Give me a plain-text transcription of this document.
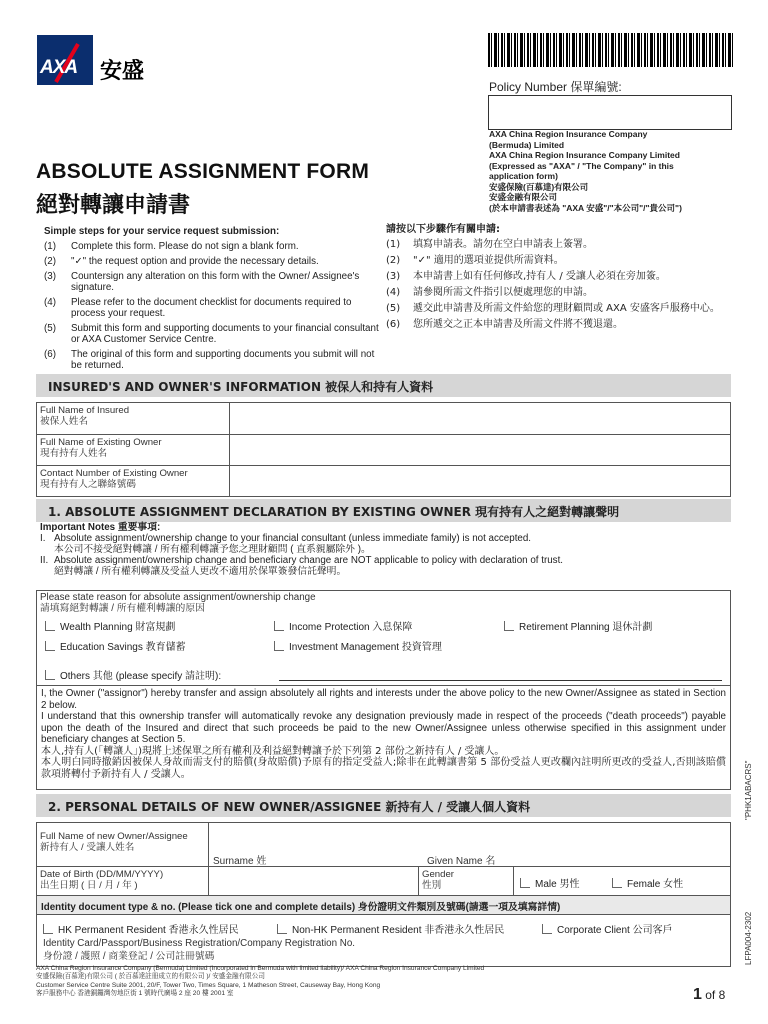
AXA 安盛
Policy Number 保單編號:
AXA China Region Insurance Company
(Bermuda) Limited
AXA China Region Insurance Company Limited
(Expressed as "AXA" / "The Company" in this
application form)
安盛保險(百慕達)有限公司
安盛金融有限公司
(於本申請書表述為 "AXA 安盛"/"本公司"/"貴公司")
ABSOLUTE ASSIGNMENT FORM
絕對轉讓申請書
Simple steps for your service request submission:
(1)	Complete this form. Please do not sign a blank form.
(2)	"✓" the request option and provide the necessary details.
(3)	Countersign any alteration on this form with the Owner/ Assignee's signature.
(4)	Please refer to the document checklist for documents required to process your request.
(5)	Submit this form and supporting documents to your financial consultant or AXA Customer Service Centre.
(6)	The original of this form and supporting documents you submit will not be returned.
請按以下步驟作有關申請:
(1)	填寫申請表。請勿在空白申請表上簽署。
(2)	"✓" 適用的選項並提供所需資料。
(3)	本申請書上如有任何修改,持有人 / 受讓人必須在旁加簽。
(4)	請參閱所需文件指引以便處理您的申請。
(5)	遞交此申請書及所需文件給您的理財顧問或 AXA 安盛客戶服務中心。
(6)	您所遞交之正本申請書及所需文件將不獲退還。
INSURED'S AND OWNER'S INFORMATION 被保人和持有人資料
Full Name of Insured
被保人姓名
Full Name of Existing Owner
現有持有人姓名
Contact Number of Existing Owner
現有持有人之聯絡號碼
1. ABSOLUTE ASSIGNMENT DECLARATION BY EXISTING OWNER 現有持有人之絕對轉讓聲明
Important Notes 重要事項:
I. Absolute assignment/ownership change to your financial consultant (unless immediate family) is not accepted.
本公司不接受絕對轉讓 / 所有權利轉讓予您之理財顧問 ( 直系親屬除外 )。
II. Absolute assignment/ownership change and beneficiary change are NOT applicable to policy with declaration of trust.
絕對轉讓 / 所有權利轉讓及受益人更改不適用於保單簽發信託聲明。
Please state reason for absolute assignment/ownership change
請填寫絕對轉讓 / 所有權利轉讓的原因
Wealth Planning 財富規劃	Income Protection 入息保障	Retirement Planning 退休計劃
Education Savings 教育儲蓄	Investment Management 投資管理
Others 其他 (please specify 請註明):
I, the Owner ("assignor") hereby transfer and assign absolutely all rights and interests under the above policy to the new Owner/Assignee as stated in Section 2 below.
I understand that this ownership transfer will automatically revoke any designation previously made in respect of the proceeds ("death proceeds") payable upon the death of the Insured and direct that such proceeds be paid to the new Owner/Assignee unless otherwise specified in this assignment under beneficiary changes at Section 5.
本人,持有人(「轉讓人」)現將上述保單之所有權利及利益絕對轉讓予於下列第 2 部份之新持有人 / 受讓人。
本人明白同時撤銷因被保人身故而需支付的賠償(身故賠償)予原有的指定受益人;除非在此轉讓書第 5 部份受益人更改欄內註明所更改的受益人,否則該賠償款項將轉付予新持有人 / 受讓人。
2. PERSONAL DETAILS OF NEW OWNER/ASSIGNEE 新持有人 / 受讓人個人資料	"PHK1ABACRS"
LFPA004-2302
Full Name of new Owner/Assignee
新持有人 / 受讓人姓名
Surname 姓	Given Name 名
Date of Birth (DD/MM/YYYY)
出生日期 ( 日 / 月 / 年 )
Gender
性別	Male 男性	Female 女性
Identity document type & no. (Please tick one and complete details) 身份證明文件類別及號碼(請選一項及填寫詳情)
HK Permanent Resident 香港永久性居民	Non-HK Permanent Resident 非香港永久性居民	Corporate Client 公司客戶
Identity Card/Passport/Business Registration/Company Registration No.
身份證 / 護照 / 商業登記 / 公司註冊號碼
AXA China Region Insurance Company (Bermuda) Limited (Incorporated in Bermuda with limited liability)/ AXA China Region Insurance Company Limited
安盛保險(百慕達)有限公司 ( 於百慕達註冊成立的有限公司 )/ 安盛金融有限公司
Customer Service Centre Suite 2001, 20/F, Tower Two, Times Square, 1 Matheson Street, Causeway Bay, Hong Kong
客戶服務中心 香港銅鑼灣勿地臣街 1 號時代廣場 2 座 20 樓 2001 室	1 of 8
